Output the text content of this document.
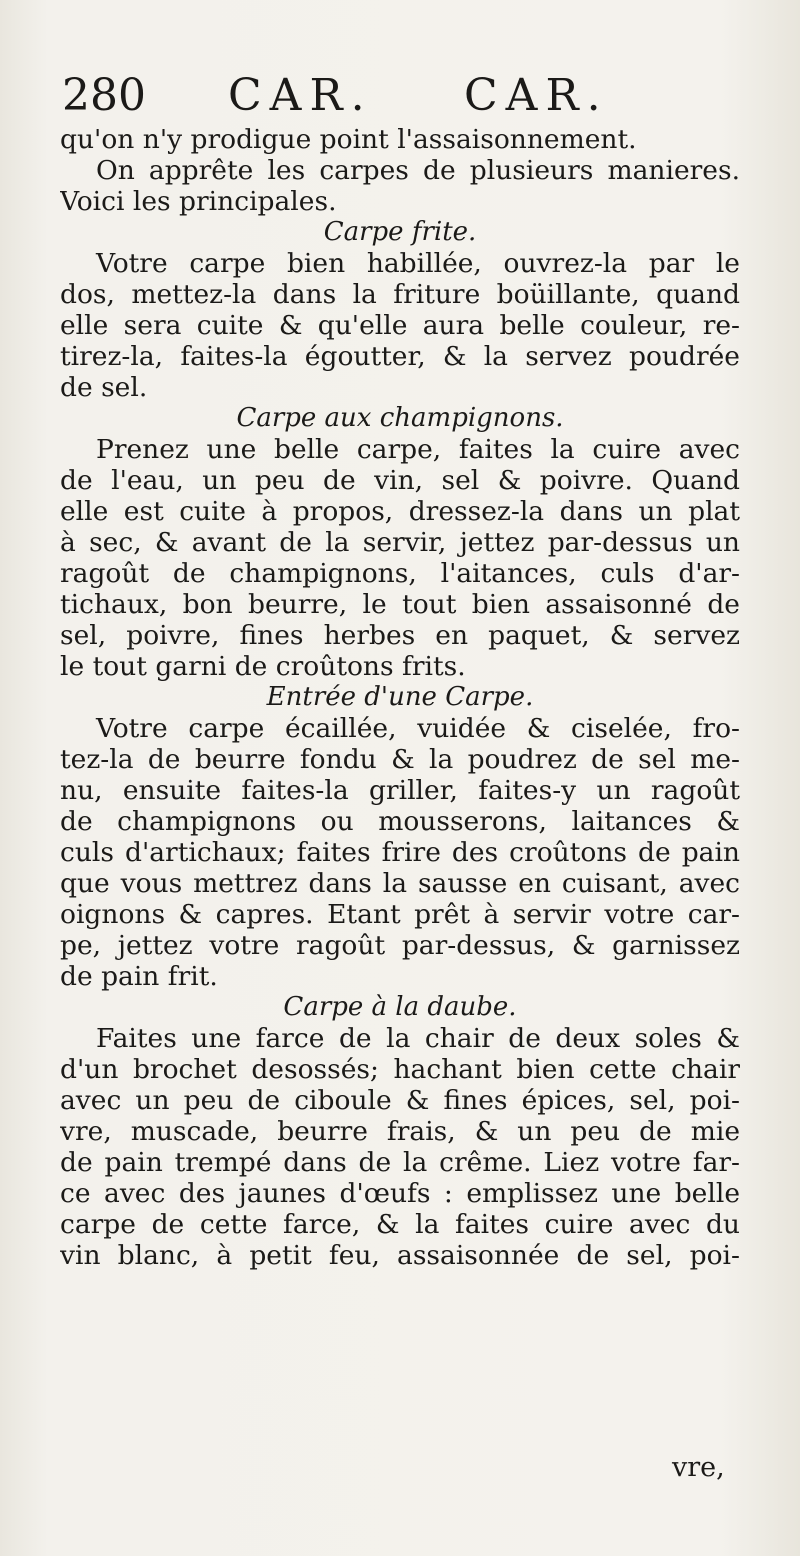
280 CAR. CAR.
qu'on n'y prodigue point l'assaisonnement.
On apprête les carpes de plusieurs manieres.
Voici les principales.
Carpe frite.
Votre carpe bien habillée, ouvrez-la par le
dos, mettez-la dans la friture boüillante, quand
elle sera cuite & qu'elle aura belle couleur, re-
tirez-la, faites-la égoutter, & la servez poudrée
de sel.
Carpe aux champignons.
Prenez une belle carpe, faites la cuire avec
de l'eau, un peu de vin, sel & poivre. Quand
elle est cuite à propos, dressez-la dans un plat
à sec, & avant de la servir, jettez par-dessus un
ragoût de champignons, l'aitances, culs d'ar-
tichaux, bon beurre, le tout bien assaisonné de
sel, poivre, fines herbes en paquet, & servez
le tout garni de croûtons frits.
Entrée d'une Carpe.
Votre carpe écaillée, vuidée & ciselée, fro-
tez-la de beurre fondu & la poudrez de sel me-
nu, ensuite faites-la griller, faites-y un ragoût
de champignons ou mousserons, laitances &
culs d'artichaux; faites frire des croûtons de pain
que vous mettrez dans la sausse en cuisant, avec
oignons & capres. Etant prêt à servir votre car-
pe, jettez votre ragoût par-dessus, & garnissez
de pain frit.
Carpe à la daube.
Faites une farce de la chair de deux soles &
d'un brochet desossés; hachant bien cette chair
avec un peu de ciboule & fines épices, sel, poi-
vre, muscade, beurre frais, & un peu de mie
de pain trempé dans de la crême. Liez votre far-
ce avec des jaunes d'œufs : emplissez une belle
carpe de cette farce, & la faites cuire avec du
vin blanc, à petit feu, assaisonnée de sel, poi-
vre,
